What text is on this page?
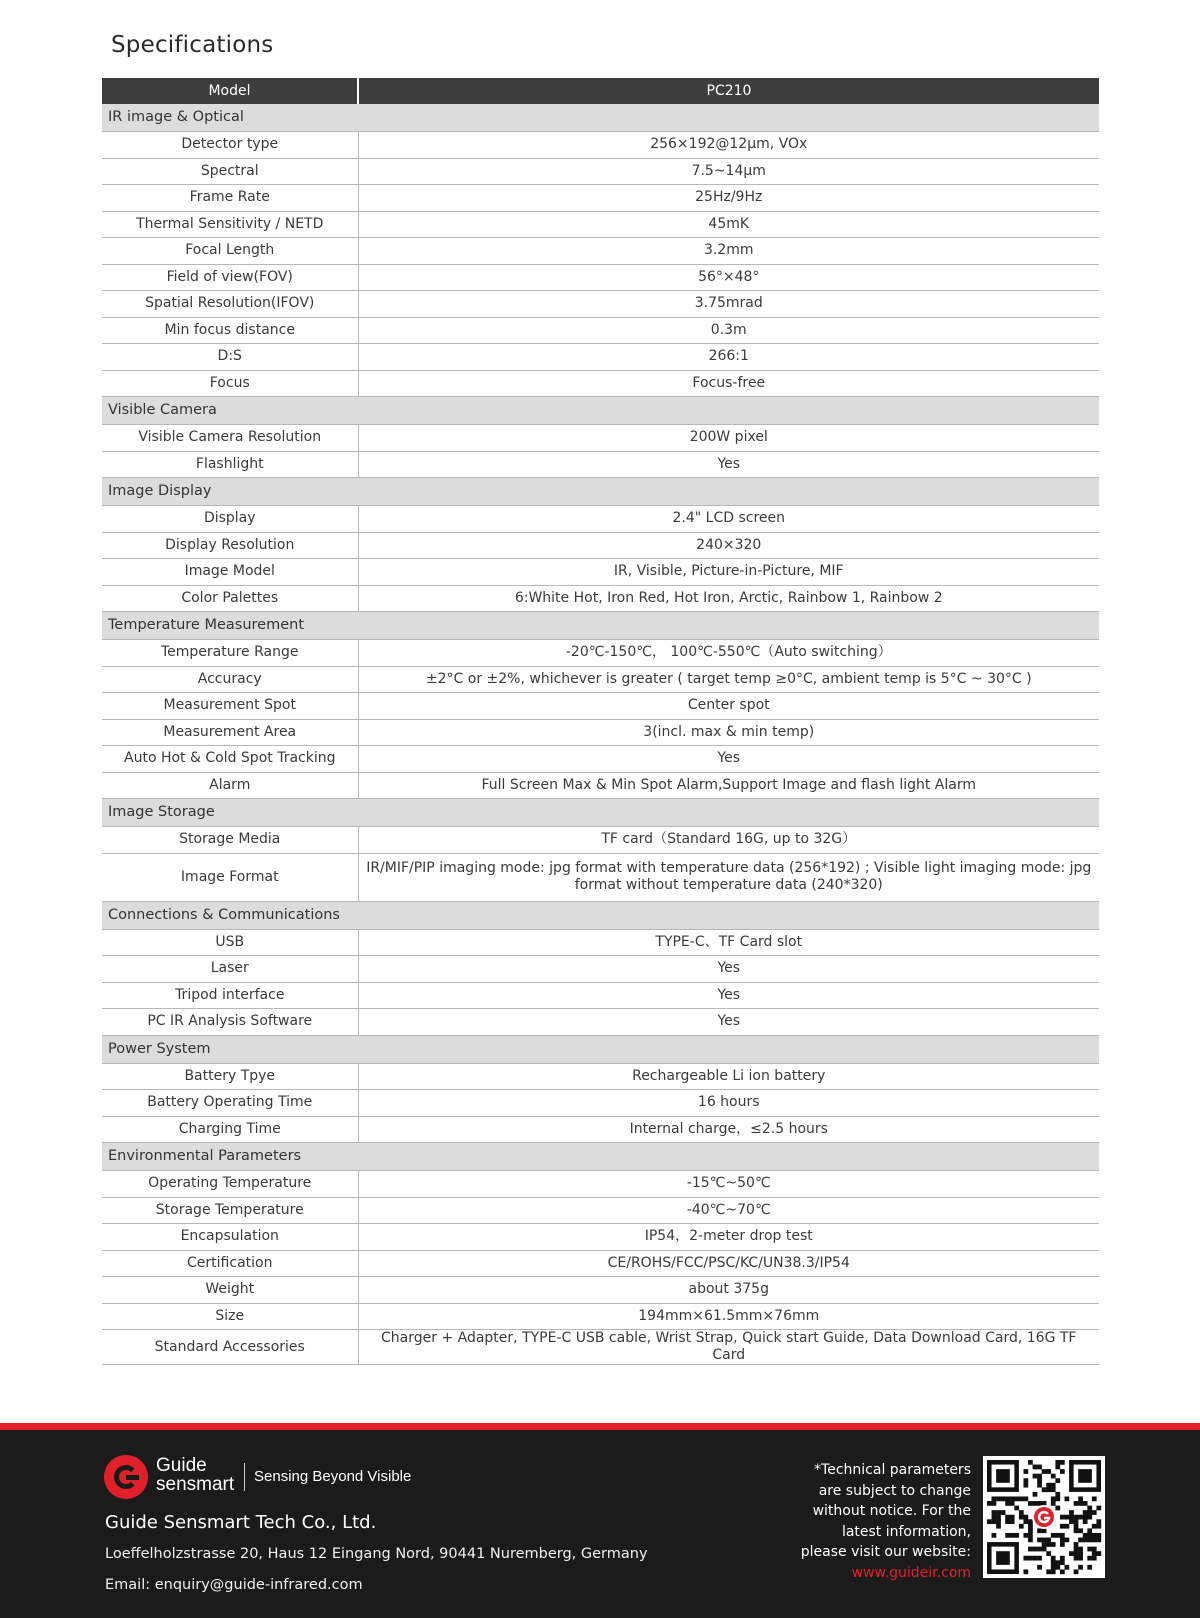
Specifications
Model	PC210
IR image & Optical	
Detector type	256×192@12μm, VOx
Spectral	7.5~14μm
Frame Rate	25Hz/9Hz
Thermal Sensitivity / NETD	45mK
Focal Length	3.2mm
Field of view(FOV)	56°×48°
Spatial Resolution(IFOV)	3.75mrad
Min focus distance	0.3m
D:S	266:1
Focus	Focus-free
Visible Camera	
Visible Camera Resolution	200W pixel
Flashlight	Yes
Image Display	
Display	2.4" LCD screen
Display Resolution	240×320
Image Model	IR, Visible, Picture-in-Picture, MIF
Color Palettes	6:White Hot, Iron Red, Hot Iron, Arctic, Rainbow 1, Rainbow 2
Temperature Measurement	
Temperature Range	-20℃-150℃， 100℃-550℃（Auto switching）
Accuracy	±2°C or ±2%, whichever is greater ( target temp ≥0°C, ambient temp is 5°C ~ 30°C )
Measurement Spot	Center spot
Measurement Area	3(incl. max & min temp)
Auto Hot & Cold Spot Tracking	Yes
Alarm	Full Screen Max & Min Spot Alarm,Support Image and flash light Alarm
Image Storage	
Storage Media	TF card（Standard 16G, up to 32G）
Image Format	IR/MIF/PIP imaging mode: jpg format with temperature data (256*192) ; Visible light imaging mode: jpg format without temperature data (240*320)
Connections & Communications	
USB	TYPE-C、TF Card slot
Laser	Yes
Tripod interface	Yes
PC IR Analysis Software	Yes
Power System	
Battery Tpye	Rechargeable Li ion battery
Battery Operating Time	16 hours
Charging Time	Internal charge，≤2.5 hours
Environmental Parameters	
Operating Temperature	-15℃~50℃
Storage Temperature	-40℃~70℃
Encapsulation	IP54，2-meter drop test
Certification	CE/ROHS/FCC/PSC/KC/UN38.3/IP54
Weight	about 375g
Size	194mm×61.5mm×76mm
Standard Accessories	Charger + Adapter, TYPE-C USB cable, Wrist Strap, Quick start Guide, Data Download Card, 16G TF Card
Guide
sensmart Sensing Beyond Visible
Guide Sensmart Tech Co., Ltd.
Loeffelholzstrasse 20, Haus 12 Eingang Nord, 90441 Nuremberg, Germany
Email: enquiry@guide-infrared.com
*Technical parameters
are subject to change
without notice. For the
latest information,
please visit our website:
www.guideir.com
